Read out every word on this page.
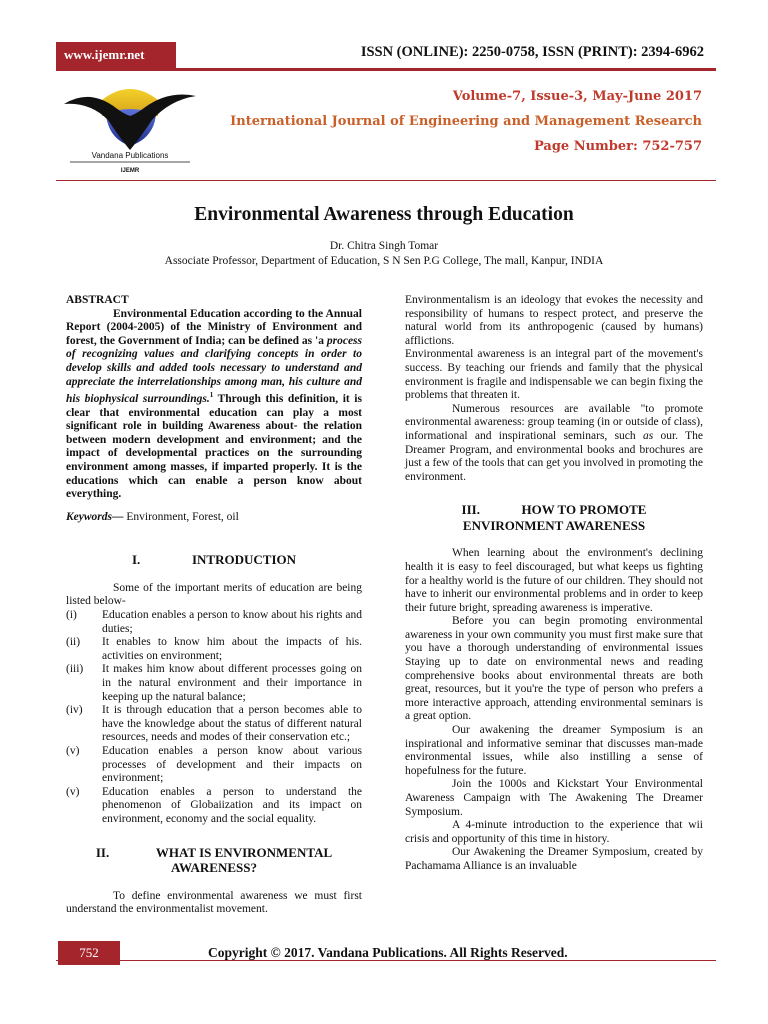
www.ijemr.net	ISSN (ONLINE): 2250-0758, ISSN (PRINT): 2394-6962
Vandana Publications
IJEMR
Volume-7, Issue-3, May-June 2017
International Journal of Engineering and Management Research
Page Number: 752-757
Environmental Awareness through Education
Dr. Chitra Singh Tomar
Associate Professor, Department of Education, S N Sen P.G College, The mall, Kanpur, INDIA
ABSTRACT

Environmental Education according to the Annual Report (2004-2005) of the Ministry of Environment and forest, the Government of India; can be defined as 'a process of recognizing values and clarifying concepts in order to develop skills and added tools necessary to understand and appreciate the interrelationships among man, his culture and his biophysical surroundings.$^1$ Through this definition, it is clear that environmental education can play a most significant role in building Awareness about- the relation between modern development and environment; and the impact of developmental practices on the surrounding environment among masses, if imparted properly. It is the educations which can enable a person know about everything.

Keywords— Environment, Forest, oil

I.	INTRODUCTION

Some of the important merits of education are being listed below-

(i)	Education enables a person to know about his rights and duties;

(ii)	It enables to know him about the impacts of his. activities on environment;

(iii)	It makes him know about different processes going on in the natural environment and their importance in keeping up the natural balance;

(iv)	It is through education that a person becomes able to have the knowledge about the status of different natural resources, needs and modes of their conservation etc.;

(v)	Education enables a person know about various processes of development and their impacts on environment;

(v)	Education enables a person to understand the phenomenon of Globaiization and its impact on environment, economy and the social equality.

II.	WHAT IS ENVIRONMENTAL
AWARENESS?

To define environmental awareness we must first understand the environmentalist movement.

Environmentalism is an ideology that evokes the necessity and responsibility of humans to respect protect, and preserve the natural world from its anthropogenic (caused by humans) afflictions.

Environmental awareness is an integral part of the movement's success. By teaching our friends and family that the physical environment is fragile and indispensable we can begin fixing the problems that threaten it.

Numerous resources are available "to promote environmental awareness: group teaming (in or outside of class), informational and inspirational seminars, such as our. The Dreamer Program, and environmental books and brochures are just a few of the tools that can get you involved in promoting the environment.

III.	HOW TO PROMOTE
ENVIRONMENT AWARENESS

When learning about the environment's declining health it is easy to feel discouraged, but what keeps us fighting for a healthy world is the future of our children. They should not have to inherit our environmental problems and in order to keep their future bright, spreading awareness is imperative.

Before you can begin promoting environmental awareness in your own community you must first make sure that you have a thorough understanding of environmental issues Staying up to date on environmental news and reading comprehensive books about environmental threats are both great, resources, but it you're the type of person who prefers a more interactive approach, attending environmental seminars is a great option.

Our awakening the dreamer Symposium is an inspirational and informative seminar that discusses man-made environmental issues, while also instilling a sense of hopefulness for the future.

Join the 1000s and Kickstart Your Environmental Awareness Campaign with The Awakening The Dreamer Symposium.

A 4-minute introduction to the experience that wii crisis and opportunity of this time in history.

Our Awakening the Dreamer Symposium, created by Pachamama Alliance is an invaluable

752	Copyright © 2017. Vandana Publications. All Rights Reserved.
